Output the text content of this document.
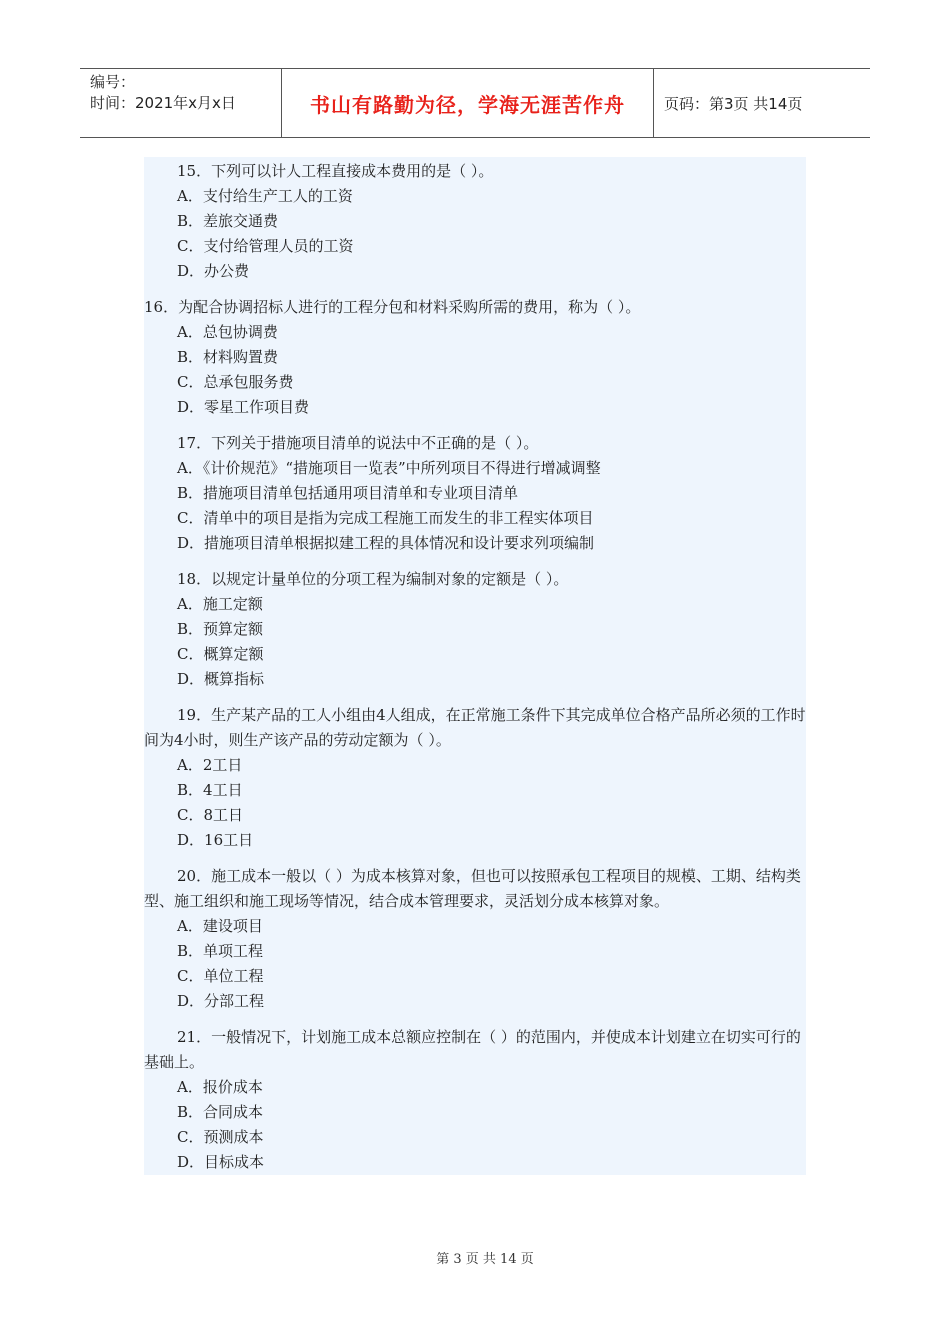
编号：
时间：2021年x月x日	书山有路勤为径，学海无涯苦作舟	页码：第3页 共14页
15．下列可以计人工程直接成本费用的是（ ）。
A．支付给生产工人的工资
B．差旅交通费
C．支付给管理人员的工资
D．办公费
16．为配合协调招标人进行的工程分包和材料采购所需的费用，称为（ ）。
A．总包协调费
B．材料购置费
C．总承包服务费
D．零星工作项目费
17．下列关于措施项目清单的说法中不正确的是（ ）。
A．《计价规范》“措施项目一览表”中所列项目不得进行增减调整
B．措施项目清单包括通用项目清单和专业项目清单
C．清单中的项目是指为完成工程施工而发生的非工程实体项目
D．措施项目清单根据拟建工程的具体情况和设计要求列项编制
18．以规定计量单位的分项工程为编制对象的定额是（ ）。
A．施工定额
B．预算定额
C．概算定额
D．概算指标
19．生产某产品的工人小组由4人组成，在正常施工条件下其完成单位合格产品所必须的工作时间为4小时，则生产该产品的劳动定额为（ ）。
A．2工日
B．4工日
C．8工日
D．16工日
20．施工成本一般以（ ）为成本核算对象，但也可以按照承包工程项目的规模、工期、结构类型、施工组织和施工现场等情况，结合成本管理要求，灵活划分成本核算对象。
A．建设项目
B．单项工程
C．单位工程
D．分部工程
21．一般情况下，计划施工成本总额应控制在（ ）的范围内，并使成本计划建立在切实可行的基础上。
A．报价成本
B．合同成本
C．预测成本
D．目标成本
第 3 页 共 14 页
